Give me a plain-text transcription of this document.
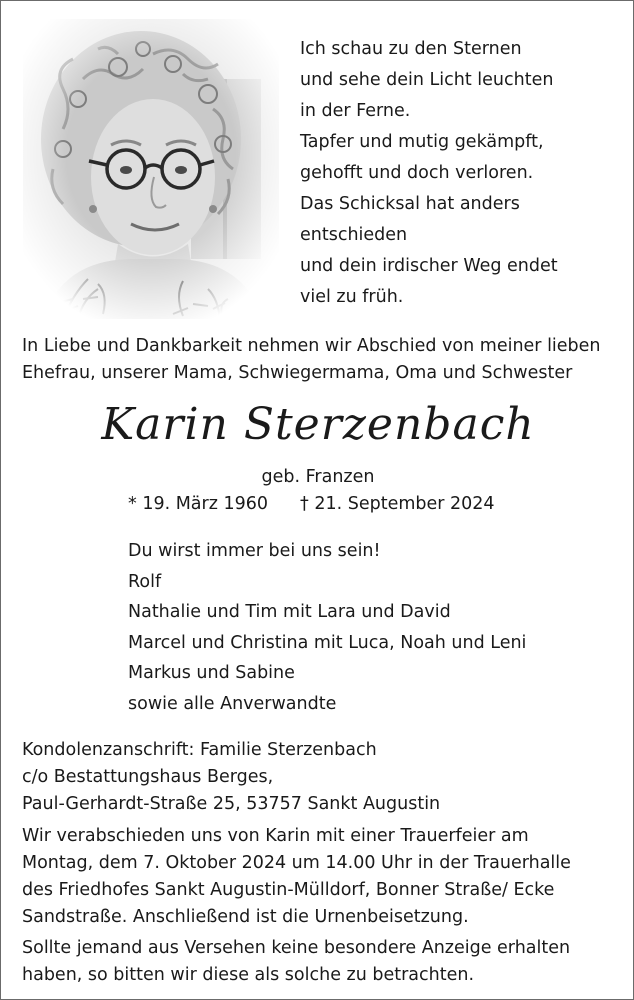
Ich schau zu den Sternen
und sehe dein Licht leuchten
in der Ferne.
Tapfer und mutig gekämpft,
gehofft und doch verloren.
Das Schicksal hat anders
entschieden
und dein irdischer Weg endet
viel zu früh.
In Liebe und Dankbarkeit nehmen wir Abschied von meiner lieben
Ehefrau, unserer Mama, Schwiegermama, Oma und Schwester
Karin Sterzenbach
geb. Franzen
* 19. März 1960 † 21. September 2024
Du wirst immer bei uns sein!
Rolf
Nathalie und Tim mit Lara und David
Marcel und Christina mit Luca, Noah und Leni
Markus und Sabine
sowie alle Anverwandte
Kondolenzanschrift: Familie Sterzenbach
c/o Bestattungshaus Berges,
Paul-Gerhardt-Straße 25, 53757 Sankt Augustin
Wir verabschieden uns von Karin mit einer Trauerfeier am
Montag, dem 7. Oktober 2024 um 14.00 Uhr in der Trauerhalle
des Friedhofes Sankt Augustin-Mülldorf, Bonner Straße/ Ecke
Sandstraße. Anschließend ist die Urnenbeisetzung.
Sollte jemand aus Versehen keine besondere Anzeige erhalten
haben, so bitten wir diese als solche zu betrachten.
